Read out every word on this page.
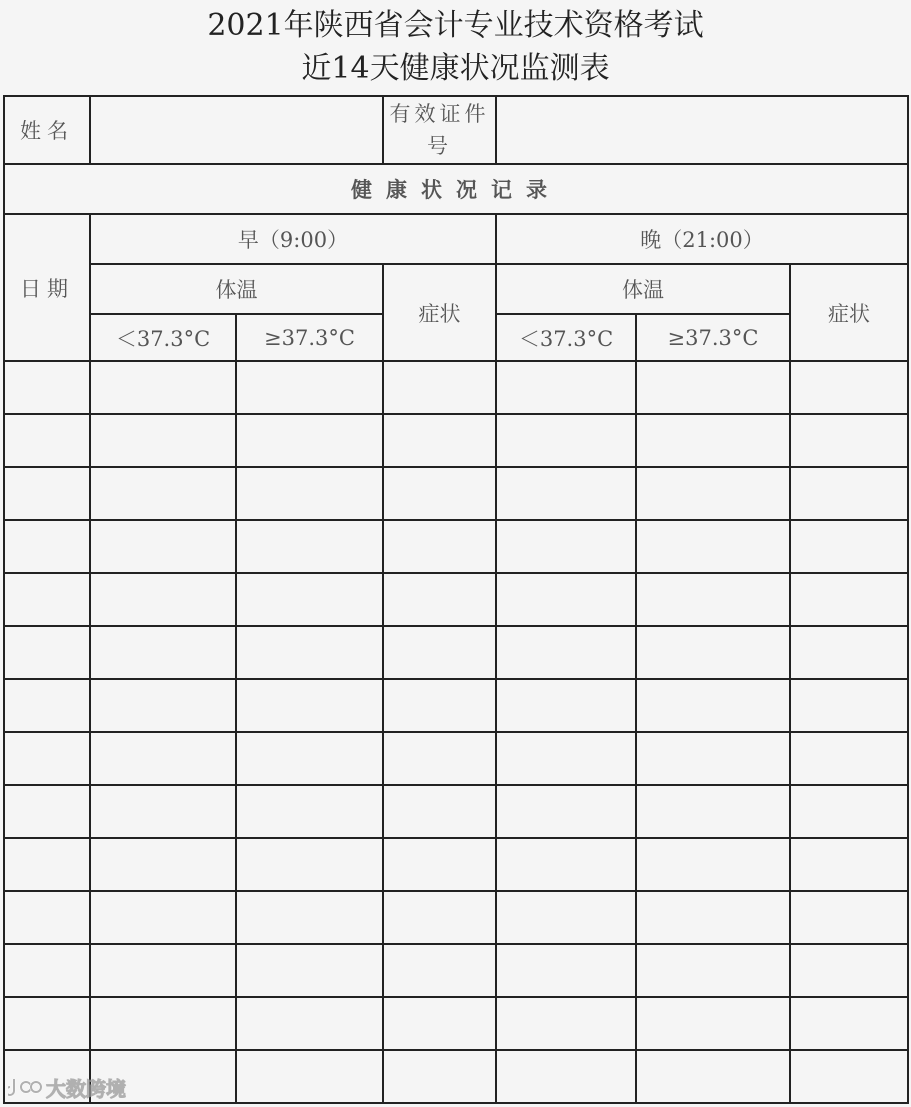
2021年陕西省会计专业技术资格考试
近14天健康状况监测表
姓名			有效证件号			
健康状况记录						
日期	早（9:00）			晚（21:00）		
	体温		症状	体温		症状
	＜37.3°C	≥37.3°C		＜37.3°C	≥37.3°C	

大数跨境
